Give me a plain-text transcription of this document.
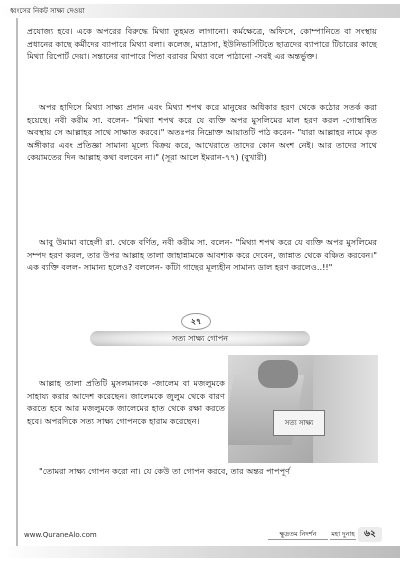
ধ্বংসের নিকট সাক্ষ্য দেওয়া

প্রযোজ্য হবে। একে অপরের বিরুদ্ধে মিথ্যা তুহমত লাগানো। কর্মক্ষেত্রে, অফিসে, কোম্পানিতে বা সংস্থায় প্রধানের কাছে কর্মীদের ব্যাপারে মিথ্যা বলা। কলেজ, মাদ্রাসা, ইউনিভার্সিটিতে ছাত্রদের ব্যাপারে টিচারের কাছে মিথ্যা রিপোর্ট দেয়া। সন্তানের ব্যাপারে পিতা বরাবর মিথ্যা বলে পাঠানো -সবই এর অন্তর্ভুক্ত।

অপর হাদিসে মিথ্যা সাক্ষ্য প্রদান এবং মিথ্যা শপথ করে মানুষের অধিকার হরণ থেকে কঠোর সতর্ক করা হয়েছে। নবী করীম সা. বলেন- "মিথ্যা শপথ করে যে ব্যক্তি অপর মুসলিমের মাল হরণ করল -গোস্বান্বিত অবস্থায় সে আল্লাহর সাথে সাক্ষাত করবে।" অতঃপর নিম্নোক্ত আয়াতটি পাঠ করেন- "যারা আল্লাহর নামে কৃত অঙ্গীকার এবং প্রতিজ্ঞা সামান্য মূল্যে বিক্রয় করে, আখেরাতে তাদের কোন অংশ নেই। আর তাদের সাথে কেয়ামতের দিন আল্লাহ কথা বলবেন না।" (সূরা আলে ইমরান-৭৭) (বুখারী)

আবু উমামা বাহেলী রা. থেকে বর্ণিত, নবী করীম সা. বলেন- "মিথ্যা শপথ করে যে ব্যক্তি অপর মুসলিমের সম্পদ হরণ করল, তার উপর আল্লাহ তালা জাহান্নামকে আবশ্যক করে দেবেন, জান্নাত থেকে বঞ্চিত করবেন।" এক ব্যক্তি বলল- সামান্য হলেও? বললেন- কাঁটা গাছের মূল্যহীন সামান্য ডাল হরণ করলেও..!!"

২৭
সত্য সাক্ষ্য গোপন
সত্য সাক্ষ্য

আল্লাহ তালা প্রতিটি মুসলমানকে -জালেম বা মজলুমকে সাহায্য করার আদেশ করেছেন। জালেমকে জুলুম থেকে বারণ করতে হবে আর মজলুমকে জালেমের হাত থেকে রক্ষা করতে হবে। অপরদিকে সত্য সাক্ষ্য গোপনকে হারাম করেছেন।

"তোমরা সাক্ষ্য গোপন করো না। যে কেউ তা গোপন করবে, তার অন্তর পাপপূর্ণ

www.QuraneAlo.com	ক্ষুদ্রতম নিদর্শন	মহা দুনাহ	৬২
